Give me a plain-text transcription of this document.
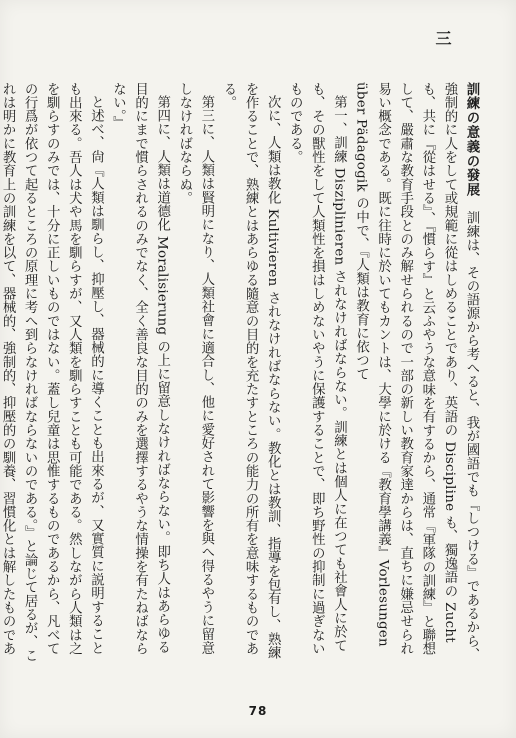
三

訓練の意義の發展　訓練は、その語源から考へると、我が國語でも『しつける』であるから、強制的に人をして或規範に從はしめることであり、英語の Discipline も、獨逸語の Zucht も、共に『從はせる』、『慣らす』と云ふやうな意味を有するから、通常『軍隊の訓練』と聯想して、嚴肅な教育手段とのみ解せられるので一部の新しい教育家達からは、直ちに嫌忌せられ易い概念である。既に往時に於いてもカントは、大學に於ける『教育學講義』Vorlesungen über Pädagogik の中で、『人類は教育に依つて

第一、訓練 Disziplinieren されなければならない。訓練とは個人に在つても社會人に於ても、その獸性をして人類性を損はしめないやうに保護することで、即ち野性の抑制に過ぎないものである。

次に、人類は教化 Kultivieren されなければならない。教化とは教訓、指導を包有し、熟練を作ることで、熟練とはあらゆる隨意の目的を充たすところの能力の所有を意味するものである。

第三に、人類は賢明になり、人類社會に適合し、他に愛好されて影響を與へ得るやうに留意しなければならぬ。

第四に、人類は道德化 Moralisierung の上に留意しなければならない。即ち人はあらゆる目的にまで慣らされるのみでなく、全く善良な目的のみを選擇するやうな情操を有たねばならない。』

と述べ、尙『人類は馴らし、抑壓し、器械的に導くことも出來るが、又實質に説明することも出來る。吾人は犬や馬を馴らすが、又人類を馴らすことも可能である。然しながら人類は之を馴らすのみでは、十分に正しいものではない。蓋し兒童は思惟するものであるから、凡べての行爲が依つて起るところの原理に考へ到らなければならないのである。』と論じて居るが、これは明かに教育上の訓練を以て、器械的、強制的、抑壓的の馴養、習慣化とは解したものであ

78
